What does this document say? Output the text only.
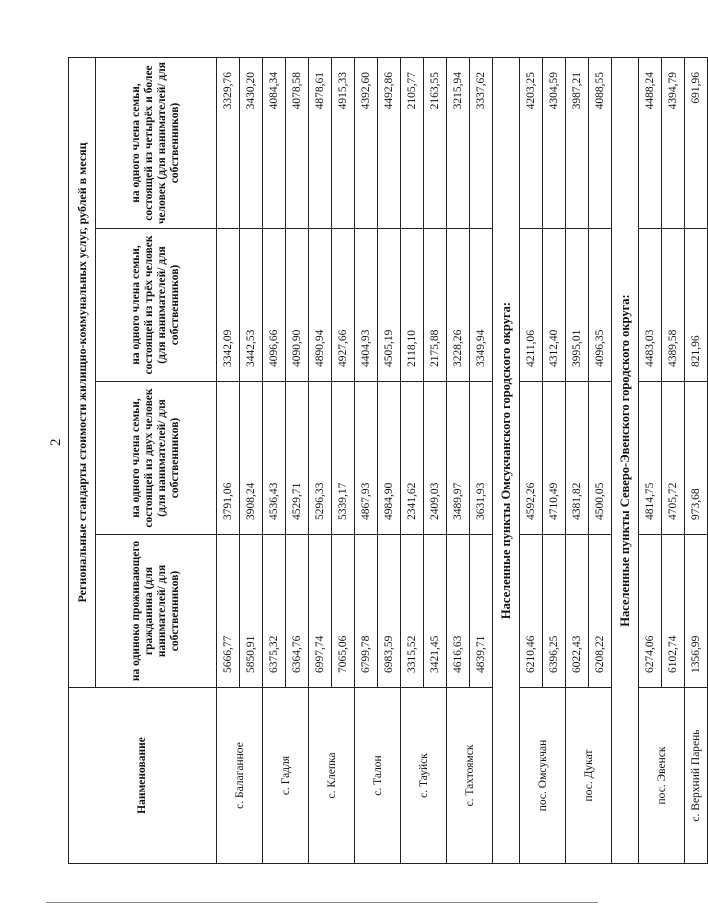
2
Наименование	Региональные стандарты стоимости жилищно-коммунальных услуг, рублей в месяц			
	на одиноко проживающего гражданина (для нанимателей/ для собственников)	на одного члена семьи, состоящей из двух человек (для нанимателей/ для собственников)	на одного члена семьи, состоящей из трёх человек (для нанимателей/ для собственников)	на одного члена семьи, состоящей из четырёх и более человек (для нанимателей/ для собственников)
с. Балаганное	5666,77	3791,06	3342,09	3329,76
	5850,91	3908,24	3442,53	3430,20
с. Гадля	6375,32	4536,43	4096,66	4084,34
	6364,76	4529,71	4090,90	4078,58
с. Клепка	6997,74	5296,33	4890,94	4878,61
	7065,06	5339,17	4927,66	4915,33
с. Талон	6799,78	4867,93	4404,93	4392,60
	6983,59	4984,90	4505,19	4492,86
с. Тауйск	3315,52	2341,62	2118,10	2105,77
	3421,45	2409,03	2175,88	2163,55
с. Тахтоямск	4616,63	3489,97	3228,26	3215,94
	4839,71	3631,93	3349,94	3337,62
Населенные пункты Омсукчанского городского округа:				
пос. Омсукчан	6210,46	4592,26	4211,06	4203,25
	6396,25	4710,49	4312,40	4304,59
пос. Дукат	6022,43	4381,82	3995,01	3987,21
	6208,22	4500,05	4096,35	4088,55
Населенные пункты Северо-Эвенского городского округа:				
пос. Эвенск	6274,06	4814,75	4483,03	4488,24
	6102,74	4705,72	4389,58	4394,79
с. Верхний Парень	1356,99	973,68	821,96	691,96
